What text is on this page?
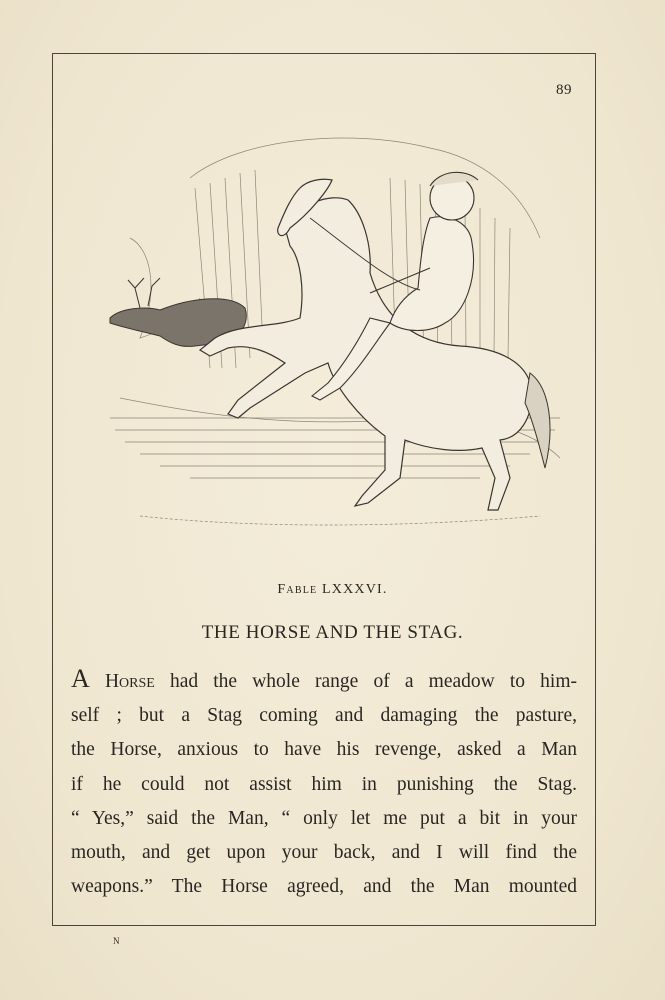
89
Fable LXXXVI.
THE HORSE AND THE STAG.
A Horse had the whole range of a meadow to him-
self ; but a Stag coming and damaging the pasture,
the Horse, anxious to have his revenge, asked a Man
if he could not assist him in punishing the Stag.
“ Yes,” said the Man, “ only let me put a bit in your
mouth, and get upon your back, and I will find the
weapons.” The Horse agreed, and the Man mounted
N
